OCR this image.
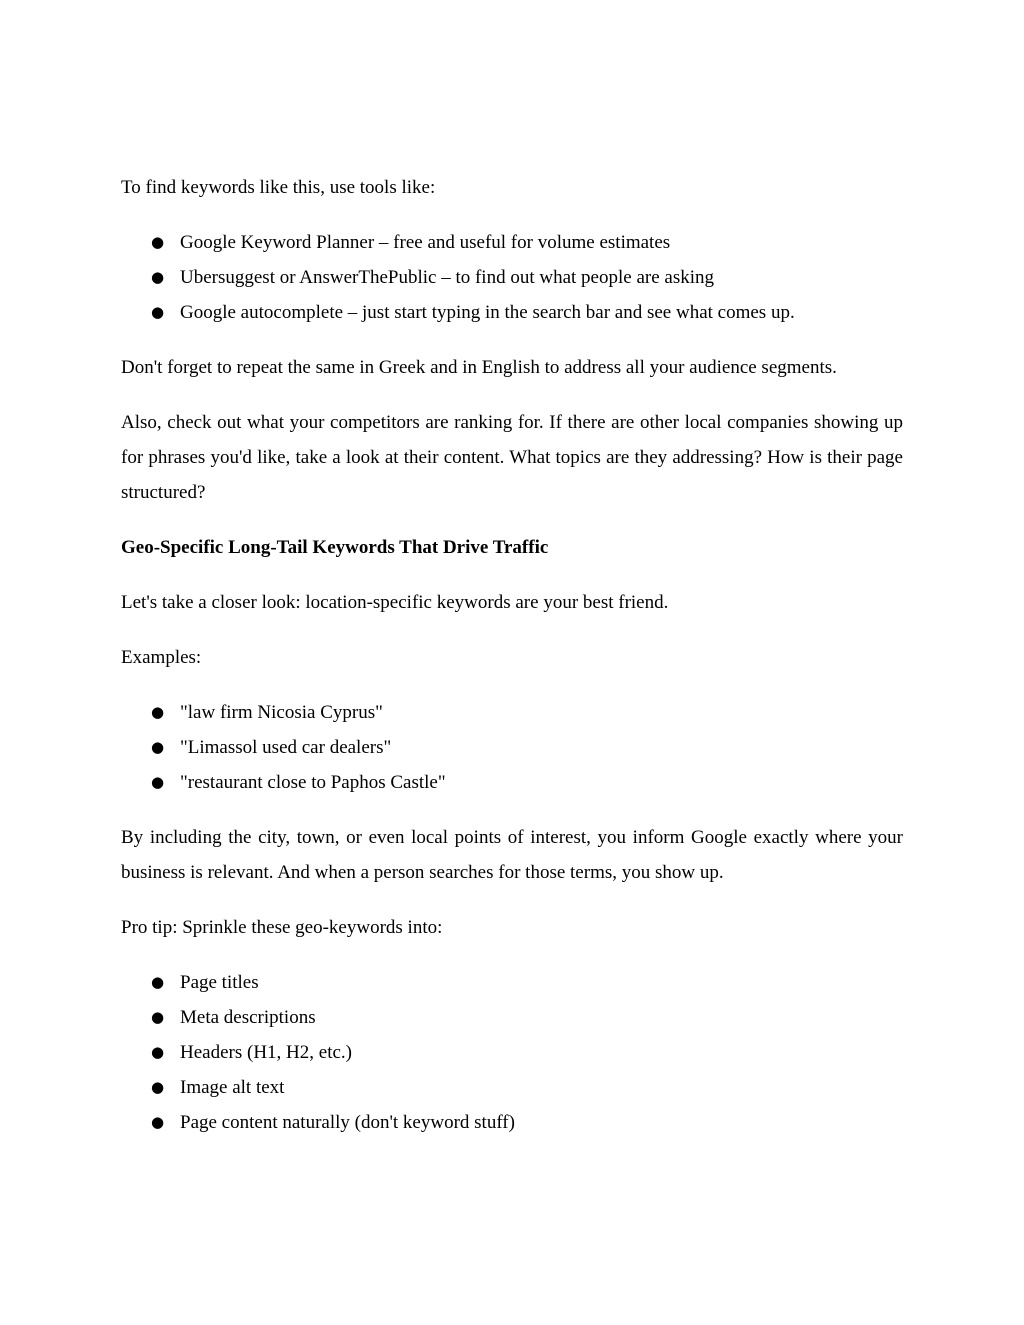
To find keywords like this, use tools like:

● Google Keyword Planner – free and useful for volume estimates
● Ubersuggest or AnswerThePublic – to find out what people are asking
● Google autocomplete – just start typing in the search bar and see what comes up.

Don't forget to repeat the same in Greek and in English to address all your audience segments.

Also, check out what your competitors are ranking for. If there are other local companies showing up for phrases you'd like, take a look at their content. What topics are they addressing? How is their page structured?

Geo-Specific Long-Tail Keywords That Drive Traffic

Let's take a closer look: location-specific keywords are your best friend.

Examples:

● "law firm Nicosia Cyprus"
● "Limassol used car dealers"
● "restaurant close to Paphos Castle"

By including the city, town, or even local points of interest, you inform Google exactly where your business is relevant. And when a person searches for those terms, you show up.

Pro tip: Sprinkle these geo-keywords into:

● Page titles
● Meta descriptions
● Headers (H1, H2, etc.)
● Image alt text
● Page content naturally (don't keyword stuff)
